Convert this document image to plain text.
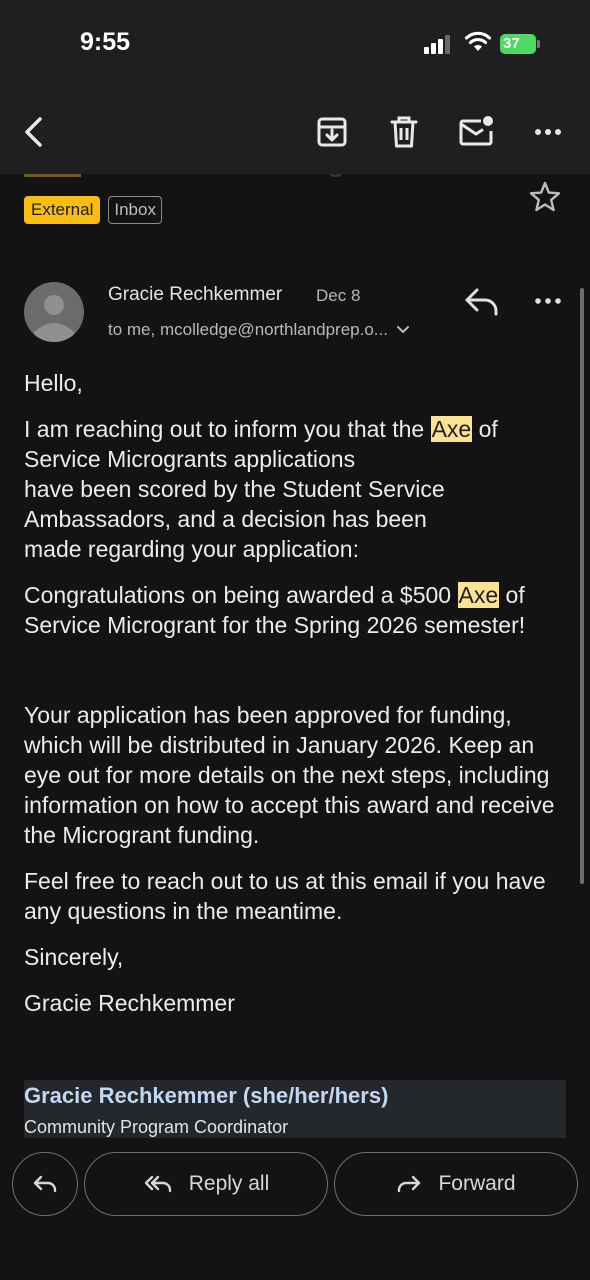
9:55	37
External	Inbox
Gracie Rechkemmer Dec 8
to me, mcolledge@northlandprep.o...

Hello,

I am reaching out to inform you that the Axe of
Service Microgrants applications
have been scored by the Student Service
Ambassadors, and a decision has been
made regarding your application:

Congratulations on being awarded a $500 Axe of
Service Microgrant for the Spring 2026 semester!

Your application has been approved for funding, which will be distributed in January 2026. Keep an eye out for more details on the next steps, including information on how to accept this award and receive the Microgrant funding.

Feel free to reach out to us at this email if you have any questions in the meantime.

Sincerely,

Gracie Rechkemmer

Gracie Rechkemmer (she/her/hers)
Community Program Coordinator
Reply all	Forward
